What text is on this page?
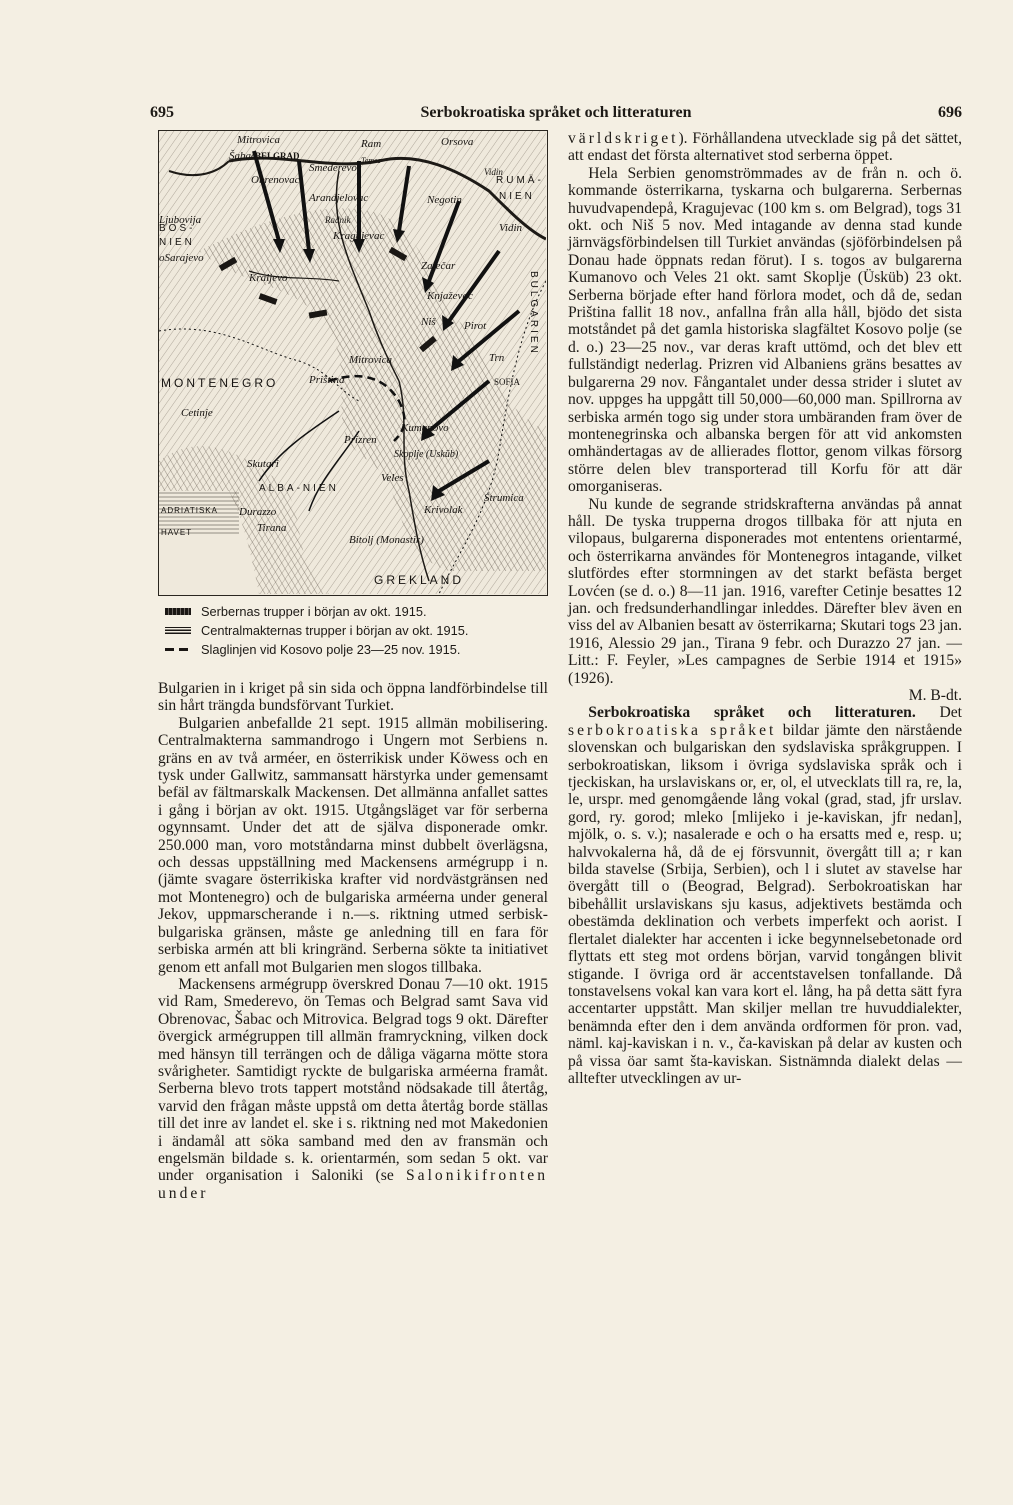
695	Serbokroatiska språket och litteraturen	696
Mitrovica
Šabac BELGRAD
Obrenovac
Smederevo
Ram
Temes
Orsova
Vidin
Ljubovija
Arandjelovac	Negotin
Radnik
Kragujevac
Vidin
oSarajevo
Kraljevo
Zaječar
Knjaževac
Niš	Pirot
Mitrovica
Priština
Trn
SOFIA
Cetinje
Prizren
Kumanovo
Skoplje (Usküb)
Skutari
Veles
Strumica
Krivolak
Durazzo
Tirana
Bitolj (Monastir)
RUMÄ-
NIEN
BOS-
NIEN
MONTENEGRO
ALBA-NIEN
ADRIATISKA
HAVET
GREKLAND
BULGARIEN
Serbernas trupper i början av okt. 1915.
Centralmakternas trupper i början av okt. 1915.
Slaglinjen vid Kosovo polje 23—25 nov. 1915.

Bulgarien in i kriget på sin sida och öppna landförbindelse till sin hårt trängda bundsförvant Turkiet.

Bulgarien anbefallde 21 sept. 1915 allmän mobilisering. Centralmakterna sammandrogo i Ungern mot Serbiens n. gräns en av två arméer, en österrikisk under Köwess och en tysk under Gallwitz, sammansatt härstyrka under gemensamt befäl av fältmarskalk Mackensen. Det allmänna anfallet sattes i gång i början av okt. 1915. Utgångsläget var för serberna ogynnsamt. Under det att de själva disponerade omkr. 250.000 man, voro motståndarna minst dubbelt överlägsna, och dessas uppställning med Mackensens armégrupp i n. (jämte svagare österrikiska krafter vid nordvästgränsen ned mot Montenegro) och de bulgariska arméerna under general Jekov, uppmarscherande i n.—s. riktning utmed serbisk-bulgariska gränsen, måste ge anledning till en fara för serbiska armén att bli kringränd. Serberna sökte ta initiativet genom ett anfall mot Bulgarien men slogos tillbaka.

Mackensens armégrupp överskred Donau 7—10 okt. 1915 vid Ram, Smederevo, ön Temas och Belgrad samt Sava vid Obrenovac, Šabac och Mitrovica. Belgrad togs 9 okt. Därefter övergick armégruppen till allmän framryckning, vilken dock med hänsyn till terrängen och de dåliga vägarna mötte stora svårigheter. Samtidigt ryckte de bulgariska arméerna framåt. Serberna blevo trots tappert motstånd nödsakade till återtåg, varvid den frågan måste uppstå om detta återtåg borde ställas till det inre av landet el. ske i s. riktning ned mot Makedonien i ändamål att söka samband med den av fransmän och engelsmän bildade s. k. orientarmén, som sedan 5 okt. var under organisation i Saloniki (se Salonikifronten under

världskriget). Förhållandena utvecklade sig på det sättet, att endast det första alternativet stod serberna öppet.

Hela Serbien genomströmmades av de från n. och ö. kommande österrikarna, tyskarna och bulgarerna. Serbernas huvudvapendepå, Kragujevac (100 km s. om Belgrad), togs 31 okt. och Niš 5 nov. Med intagande av denna stad kunde järnvägsförbindelsen till Turkiet användas (sjöförbindelsen på Donau hade öppnats redan förut). I s. togos av bulgarerna Kumanovo och Veles 21 okt. samt Skoplje (Üsküb) 23 okt. Serberna började efter hand förlora modet, och då de, sedan Priština fallit 18 nov., anfallna från alla håll, bjödo det sista motståndet på det gamla historiska slagfältet Kosovo polje (se d. o.) 23—25 nov., var deras kraft uttömd, och det blev ett fullständigt nederlag. Prizren vid Albaniens gräns besattes av bulgarerna 29 nov. Fångantalet under dessa strider i slutet av nov. uppges ha uppgått till 50,000—60,000 man. Spillrorna av serbiska armén togo sig under stora umbäranden fram över de montenegrinska och albanska bergen för att vid ankomsten omhändertagas av de allierades flottor, genom vilkas försorg större delen blev transporterad till Korfu för att där omorganiseras.

Nu kunde de segrande stridskrafterna användas på annat håll. De tyska trupperna drogos tillbaka för att njuta en vilopaus, bulgarerna disponerades mot ententens orientarmé, och österrikarna användes för Montenegros intagande, vilket slutfördes efter stormningen av det starkt befästa berget Lovćen (se d. o.) 8—11 jan. 1916, varefter Cetinje besattes 12 jan. och fredsunderhandlingar inleddes. Därefter blev även en viss del av Albanien besatt av österrikarna; Skutari togs 23 jan. 1916, Alessio 29 jan., Tirana 9 febr. och Durazzo 27 jan. — Litt.: F. Feyler, »Les campagnes de Serbie 1914 et 1915» (1926).

M. B-dt.

Serbokroatiska språket och litteraturen. Det serbokroatiska språket bildar jämte den närstående slovenskan och bulgariskan den sydslaviska språkgruppen. I serbokroatiskan, liksom i övriga sydslaviska språk och i tjeckiskan, ha urslaviskans or, er, ol, el utvecklats till ra, re, la, le, urspr. med genomgående lång vokal (grad, stad, jfr urslav. gord, ry. gorod; mleko [mlijeko i je-kaviskan, jfr nedan], mjölk, o. s. v.); nasalerade e och o ha ersatts med e, resp. u; halvvokalerna hå, då de ej försvunnit, övergått till a; r kan bilda stavelse (Srbija, Serbien), och l i slutet av stavelse har övergått till o (Beograd, Belgrad). Serbokroatiskan har bibehållit urslaviskans sju kasus, adjektivets bestämda och obestämda deklination och verbets imperfekt och aorist. I flertalet dialekter har accenten i icke begynnelsebetonade ord flyttats ett steg mot ordens början, varvid tongången blivit stigande. I övriga ord är accentstavelsen tonfallande. Då tonstavelsens vokal kan vara kort el. lång, ha på detta sätt fyra accentarter uppstått. Man skiljer mellan tre huvuddialekter, benämnda efter den i dem använda ordformen för pron. vad, näml. kaj-kaviskan i n. v., ča-kaviskan på delar av kusten och på vissa öar samt šta-kaviskan. Sistnämnda dialekt delas — alltefter utvecklingen av ur-
